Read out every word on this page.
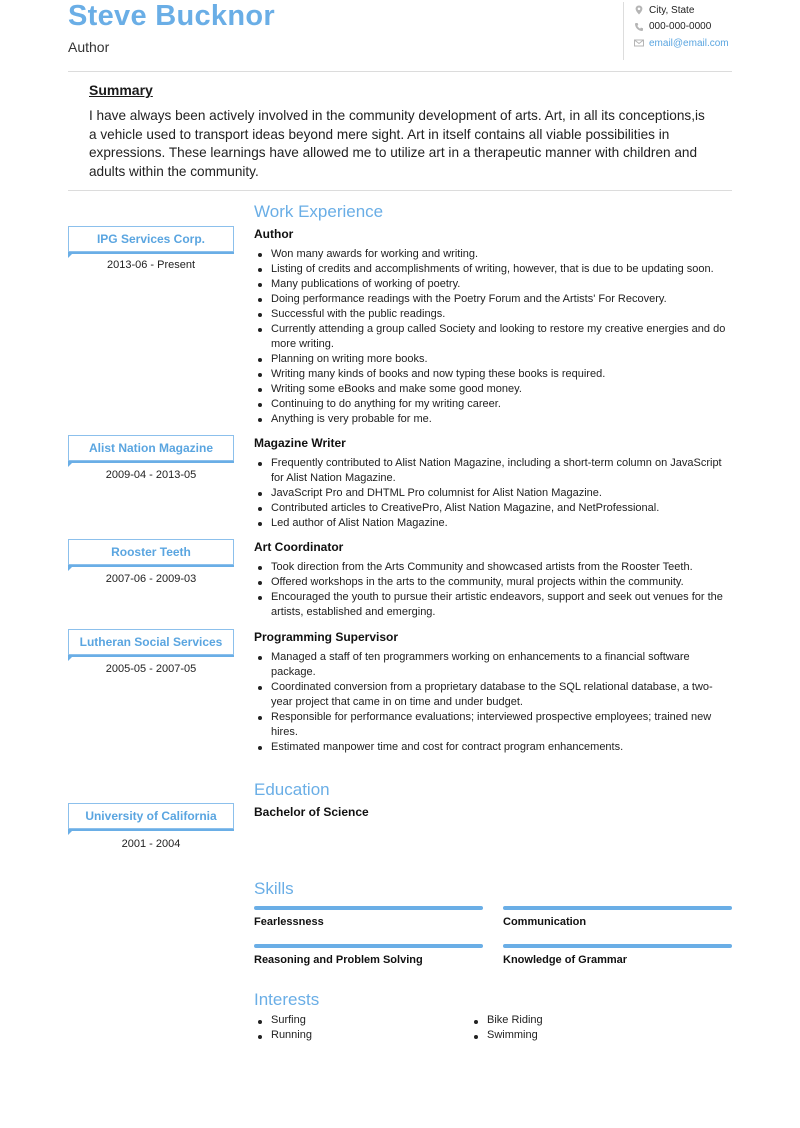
Steve Bucknor
Author
City, State
000-000-0000
email@email.com
Summary
I have always been actively involved in the community development of arts. Art, in all its conceptions,is a vehicle used to transport ideas beyond mere sight. Art in itself contains all viable possibilities in expressions. These learnings have allowed me to utilize art in a therapeutic manner with children and adults within the community.
Work Experience
IPG Services Corp.
2013-06 - Present
Author
Won many awards for working and writing.
Listing of credits and accomplishments of writing, however, that is due to be updating soon.
Many publications of working of poetry.
Doing performance readings with the Poetry Forum and the Artists' For Recovery.
Successful with the public readings.
Currently attending a group called Society and looking to restore my creative energies and do more writing.
Planning on writing more books.
Writing many kinds of books and now typing these books is required.
Writing some eBooks and make some good money.
Continuing to do anything for my writing career.
Anything is very probable for me.
Alist Nation Magazine
2009-04 - 2013-05
Magazine Writer
Frequently contributed to Alist Nation Magazine, including a short-term column on JavaScript for Alist Nation Magazine.
JavaScript Pro and DHTML Pro columnist for Alist Nation Magazine.
Contributed articles to CreativePro, Alist Nation Magazine, and NetProfessional.
Led author of Alist Nation Magazine.
Rooster Teeth
2007-06 - 2009-03
Art Coordinator
Took direction from the Arts Community and showcased artists from the Rooster Teeth.
Offered workshops in the arts to the community, mural projects within the community.
Encouraged the youth to pursue their artistic endeavors, support and seek out venues for the artists, established and emerging.
Lutheran Social Services
2005-05 - 2007-05
Programming Supervisor
Managed a staff of ten programmers working on enhancements to a financial software package.
Coordinated conversion from a proprietary database to the SQL relational database, a two-year project that came in on time and under budget.
Responsible for performance evaluations; interviewed prospective employees; trained new hires.
Estimated manpower time and cost for contract program enhancements.
Education
University of California
2001 - 2004
Bachelor of Science
Skills
Fearlessness	Communication
Reasoning and Problem Solving	Knowledge of Grammar
Interests
Surfing	Bike Riding
Running	Swimming
